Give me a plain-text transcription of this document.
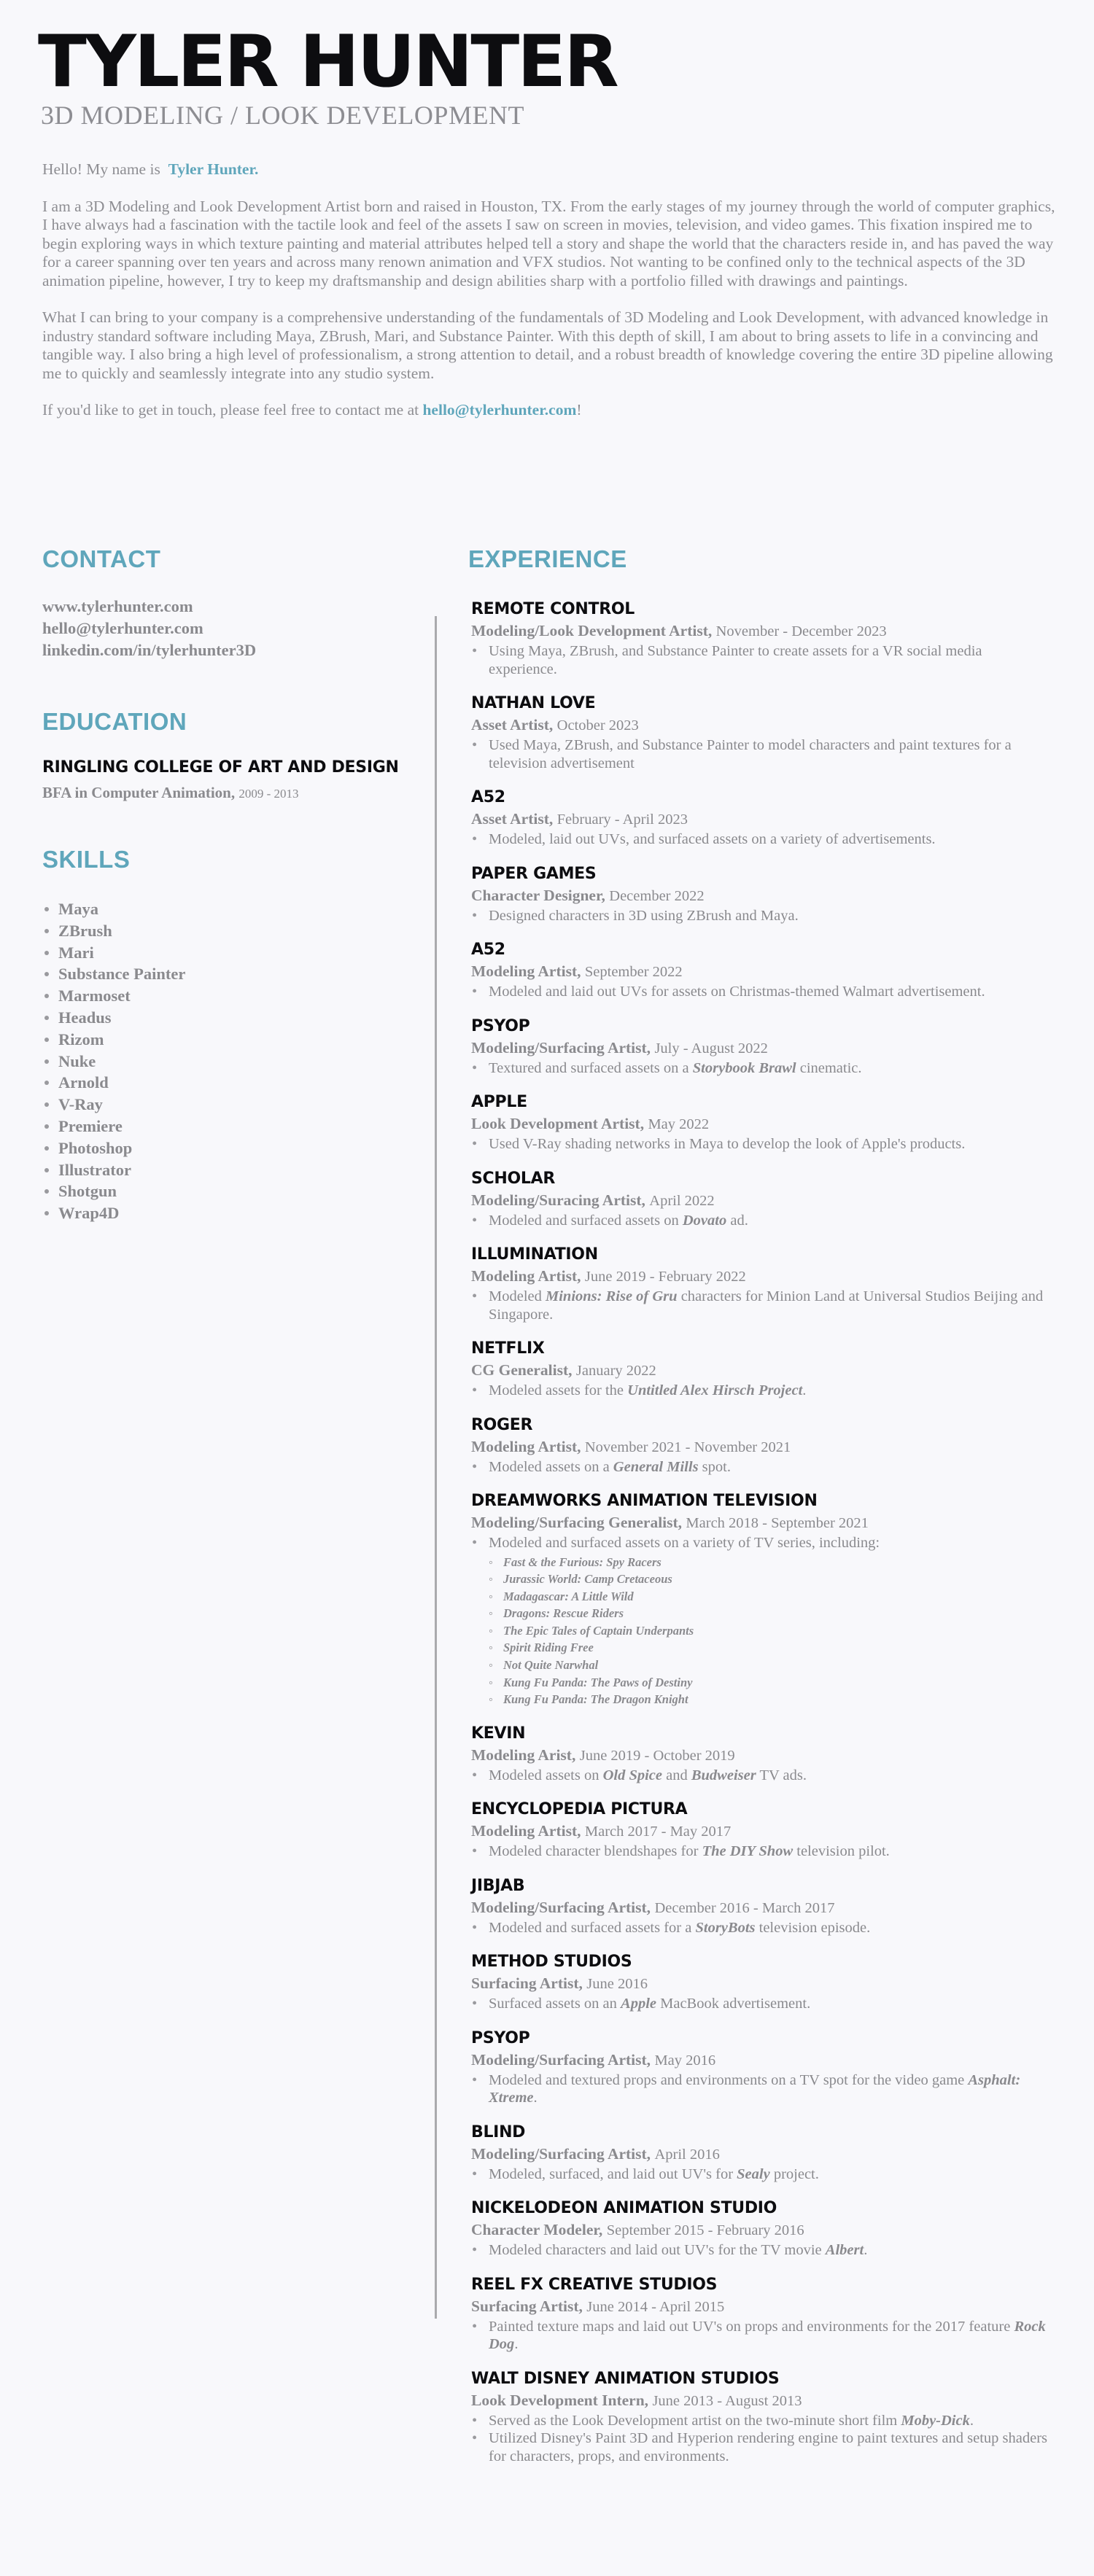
TYLER HUNTER
3D MODELING / LOOK DEVELOPMENT

Hello! My name is Tyler Hunter.

I am a 3D Modeling and Look Development Artist born and raised in Houston, TX. From the early stages of my journey through the world of computer graphics, I have always had a fascination with the tactile look and feel of the assets I saw on screen in movies, television, and video games. This fixation inspired me to begin exploring ways in which texture painting and material attributes helped tell a story and shape the world that the characters reside in, and has paved the way for a career spanning over ten years and across many renown animation and VFX studios. Not wanting to be confined only to the technical aspects of the 3D animation pipeline, however, I try to keep my draftsmanship and design abilities sharp with a portfolio filled with drawings and paintings.

What I can bring to your company is a comprehensive understanding of the fundamentals of 3D Modeling and Look Development, with advanced knowledge in industry standard software including Maya, ZBrush, Mari, and Substance Painter. With this depth of skill, I am about to bring assets to life in a convincing and tangible way. I also bring a high level of professionalism, a strong attention to detail, and a robust breadth of knowledge covering the entire 3D pipeline allowing me to quickly and seamlessly integrate into any studio system.

If you'd like to get in touch, please feel free to contact me at hello@tylerhunter.com!

CONTACT
www.tylerhunter.com
hello@tylerhunter.com
linkedin.com/in/tylerhunter3D
EDUCATION
RINGLING COLLEGE OF ART AND DESIGN
BFA in Computer Animation, 2009 - 2013
SKILLS
Maya
ZBrush
Mari
Substance Painter
Marmoset
Headus
Rizom
Nuke
Arnold
V-Ray
Premiere
Photoshop
Illustrator
Shotgun
Wrap4D
EXPERIENCE
REMOTE CONTROL
Modeling/Look Development Artist, November - December 2023
• Using Maya, ZBrush, and Substance Painter to create assets for a VR social media experience.
NATHAN LOVE
Asset Artist, October 2023
• Used Maya, ZBrush, and Substance Painter to model characters and paint textures for a television advertisement
A52
Asset Artist, February - April 2023
• Modeled, laid out UVs, and surfaced assets on a variety of advertisements.
PAPER GAMES
Character Designer, December 2022
• Designed characters in 3D using ZBrush and Maya.
A52
Modeling Artist, September 2022
• Modeled and laid out UVs for assets on Christmas-themed Walmart advertisement.
PSYOP
Modeling/Surfacing Artist, July - August 2022
• Textured and surfaced assets on a Storybook Brawl cinematic.
APPLE
Look Development Artist, May 2022
• Used V-Ray shading networks in Maya to develop the look of Apple's products.
SCHOLAR
Modeling/Suracing Artist, April 2022
• Modeled and surfaced assets on Dovato ad.
ILLUMINATION
Modeling Artist, June 2019 - February 2022
• Modeled Minions: Rise of Gru characters for Minion Land at Universal Studios Beijing and Singapore.
NETFLIX
CG Generalist, January 2022
• Modeled assets for the Untitled Alex Hirsch Project.
ROGER
Modeling Artist, November 2021 - November 2021
• Modeled assets on a General Mills spot.
DREAMWORKS ANIMATION TELEVISION
Modeling/Surfacing Generalist, March 2018 - September 2021
• Modeled and surfaced assets on a variety of TV series, including:
◦ Fast & the Furious: Spy Racers
◦ Jurassic World: Camp Cretaceous
◦ Madagascar: A Little Wild
◦ Dragons: Rescue Riders
◦ The Epic Tales of Captain Underpants
◦ Spirit Riding Free
◦ Not Quite Narwhal
◦ Kung Fu Panda: The Paws of Destiny
◦ Kung Fu Panda: The Dragon Knight
KEVIN
Modeling Arist, June 2019 - October 2019
• Modeled assets on Old Spice and Budweiser TV ads.
ENCYCLOPEDIA PICTURA
Modeling Artist, March 2017 - May 2017
• Modeled character blendshapes for The DIY Show television pilot.
JIBJAB
Modeling/Surfacing Artist, December 2016 - March 2017
• Modeled and surfaced assets for a StoryBots television episode.
METHOD STUDIOS
Surfacing Artist, June 2016
• Surfaced assets on an Apple MacBook advertisement.
PSYOP
Modeling/Surfacing Artist, May 2016
• Modeled and textured props and environments on a TV spot for the video game Asphalt: Xtreme.
BLIND
Modeling/Surfacing Artist, April 2016
• Modeled, surfaced, and laid out UV's for Sealy project.
NICKELODEON ANIMATION STUDIO
Character Modeler, September 2015 - February 2016
• Modeled characters and laid out UV's for the TV movie Albert.
REEL FX CREATIVE STUDIOS
Surfacing Artist, June 2014 - April 2015
• Painted texture maps and laid out UV's on props and environments for the 2017 feature Rock Dog.
WALT DISNEY ANIMATION STUDIOS
Look Development Intern, June 2013 - August 2013
• Served as the Look Development artist on the two-minute short film Moby-Dick.
• Utilized Disney's Paint 3D and Hyperion rendering engine to paint textures and setup shaders for characters, props, and environments.
